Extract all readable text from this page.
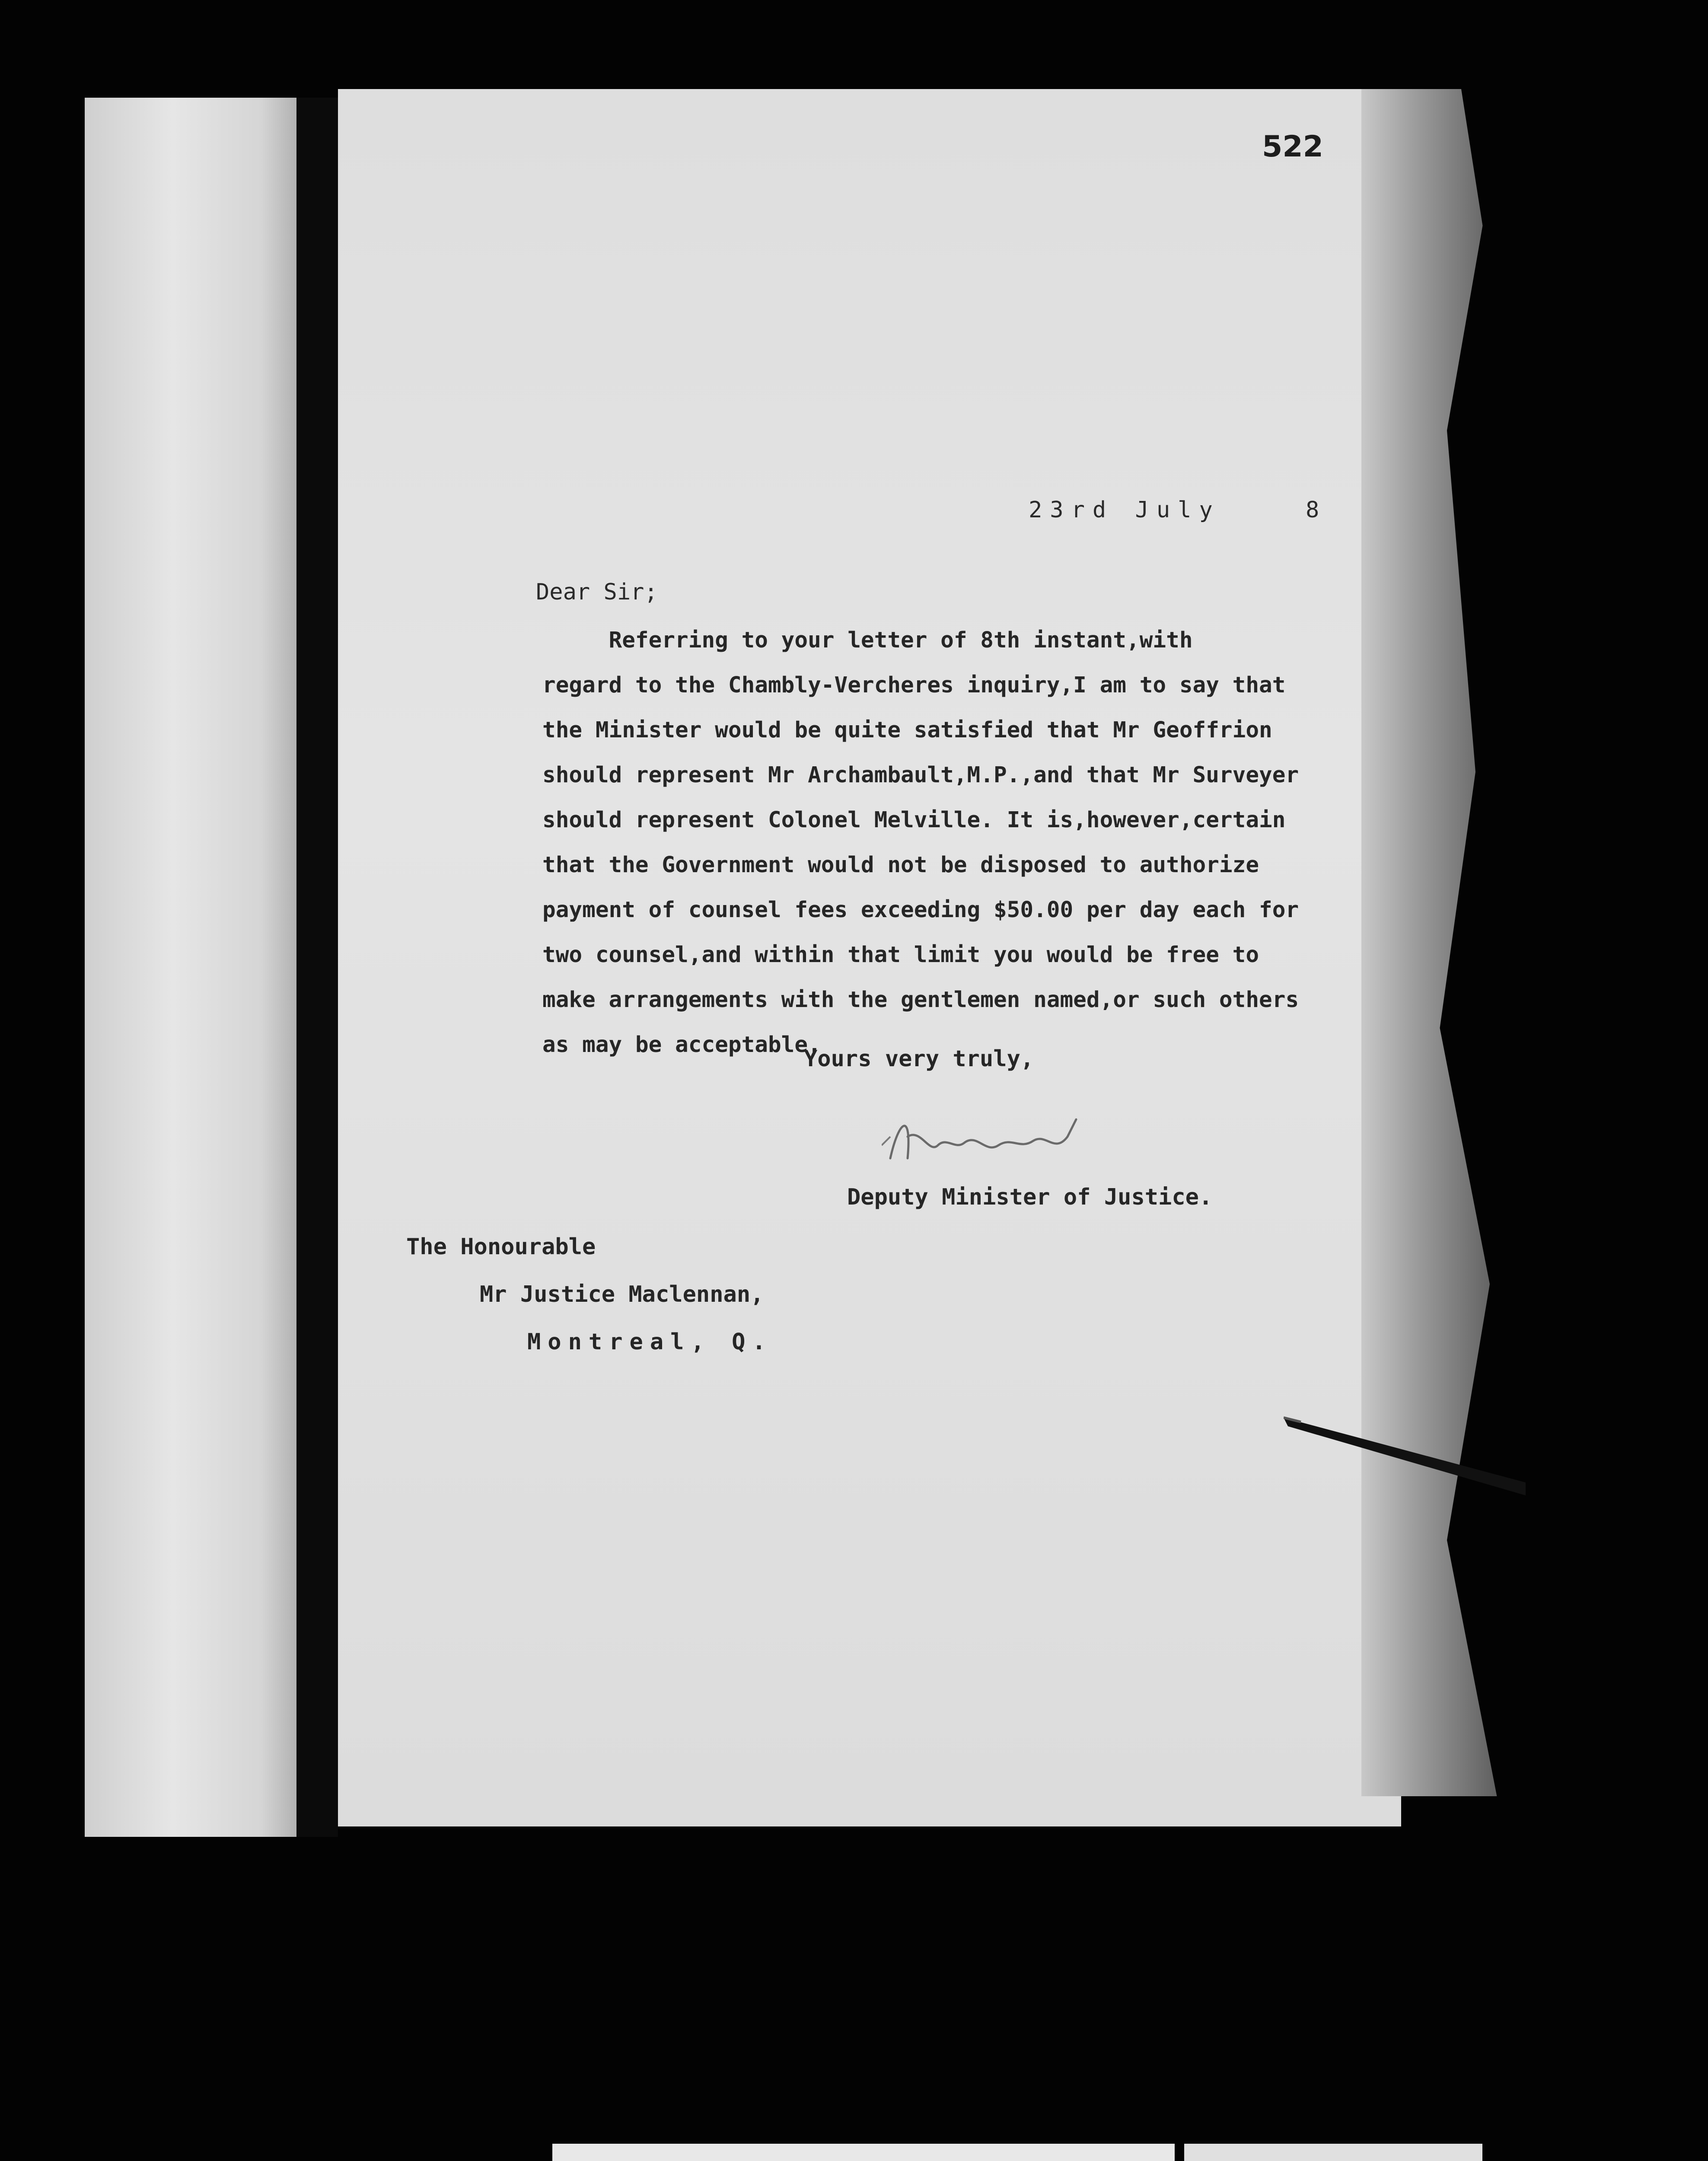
522
23rd July    8
Dear Sir;
Referring to your letter of 8th instant,with
regard to the Chambly-Vercheres inquiry,I am to say that
the Minister would be quite satisfied that Mr Geoffrion
should represent Mr Archambault,M.P.,and that Mr Surveyer
should represent Colonel Melville. It is,however,certain
that the Government would not be disposed to authorize
payment of counsel fees exceeding $50.00 per day each for
two counsel,and within that limit you would be free to
make arrangements with the gentlemen named,or such others
as may be acceptable.
Yours very truly,
Deputy Minister of Justice.
The Honourable
Mr Justice Maclennan,
Montreal, Q.
